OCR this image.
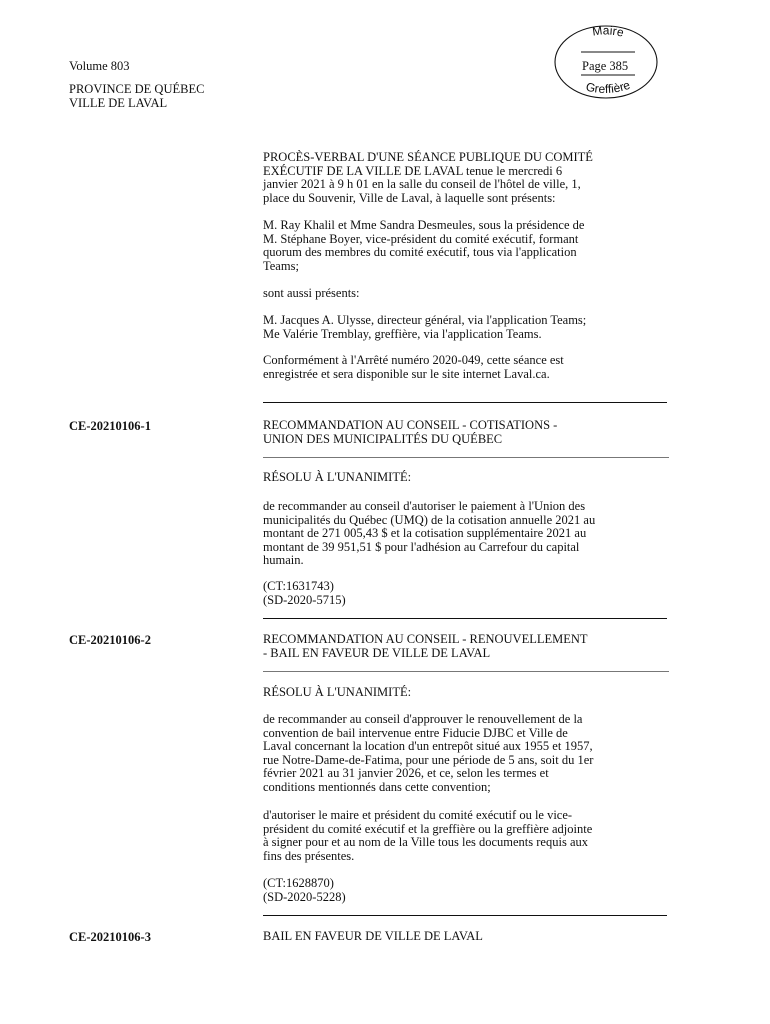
Volume 803
PROVINCE DE QUÉBEC
VILLE DE LAVAL
Maire
Greffière
Page 385
PROCÈS-VERBAL D'UNE SÉANCE PUBLIQUE DU COMITÉ
EXÉCUTIF DE LA VILLE DE LAVAL tenue le mercredi 6
janvier 2021 à 9 h 01 en la salle du conseil de l'hôtel de ville, 1,
place du Souvenir, Ville de Laval, à laquelle sont présents:
M. Ray Khalil et Mme Sandra Desmeules, sous la présidence de
M. Stéphane Boyer, vice-président du comité exécutif, formant
quorum des membres du comité exécutif, tous via l'application
Teams;
sont aussi présents:
M. Jacques A. Ulysse, directeur général, via l'application Teams;
Me Valérie Tremblay, greffière, via l'application Teams.
Conformément à l'Arrêté numéro 2020-049, cette séance est
enregistrée et sera disponible sur le site internet Laval.ca.
CE-20210106-1	RECOMMANDATION AU CONSEIL - COTISATIONS -
UNION DES MUNICIPALITÉS DU QUÉBEC
RÉSOLU À L'UNANIMITÉ:
de recommander au conseil d'autoriser le paiement à l'Union des
municipalités du Québec (UMQ) de la cotisation annuelle 2021 au
montant de 271 005,43 $ et la cotisation supplémentaire 2021 au
montant de 39 951,51 $ pour l'adhésion au Carrefour du capital
humain.
(CT:1631743)
(SD-2020-5715)
CE-20210106-2	RECOMMANDATION AU CONSEIL - RENOUVELLEMENT
- BAIL EN FAVEUR DE VILLE DE LAVAL
RÉSOLU À L'UNANIMITÉ:
de recommander au conseil d'approuver le renouvellement de la
convention de bail intervenue entre Fiducie DJBC et Ville de
Laval concernant la location d'un entrepôt situé aux 1955 et 1957,
rue Notre-Dame-de-Fatima, pour une période de 5 ans, soit du 1er
février 2021 au 31 janvier 2026, et ce, selon les termes et
conditions mentionnés dans cette convention;
d'autoriser le maire et président du comité exécutif ou le vice-
président du comité exécutif et la greffière ou la greffière adjointe
à signer pour et au nom de la Ville tous les documents requis aux
fins des présentes.
(CT:1628870)
(SD-2020-5228)
CE-20210106-3	BAIL EN FAVEUR DE VILLE DE LAVAL
